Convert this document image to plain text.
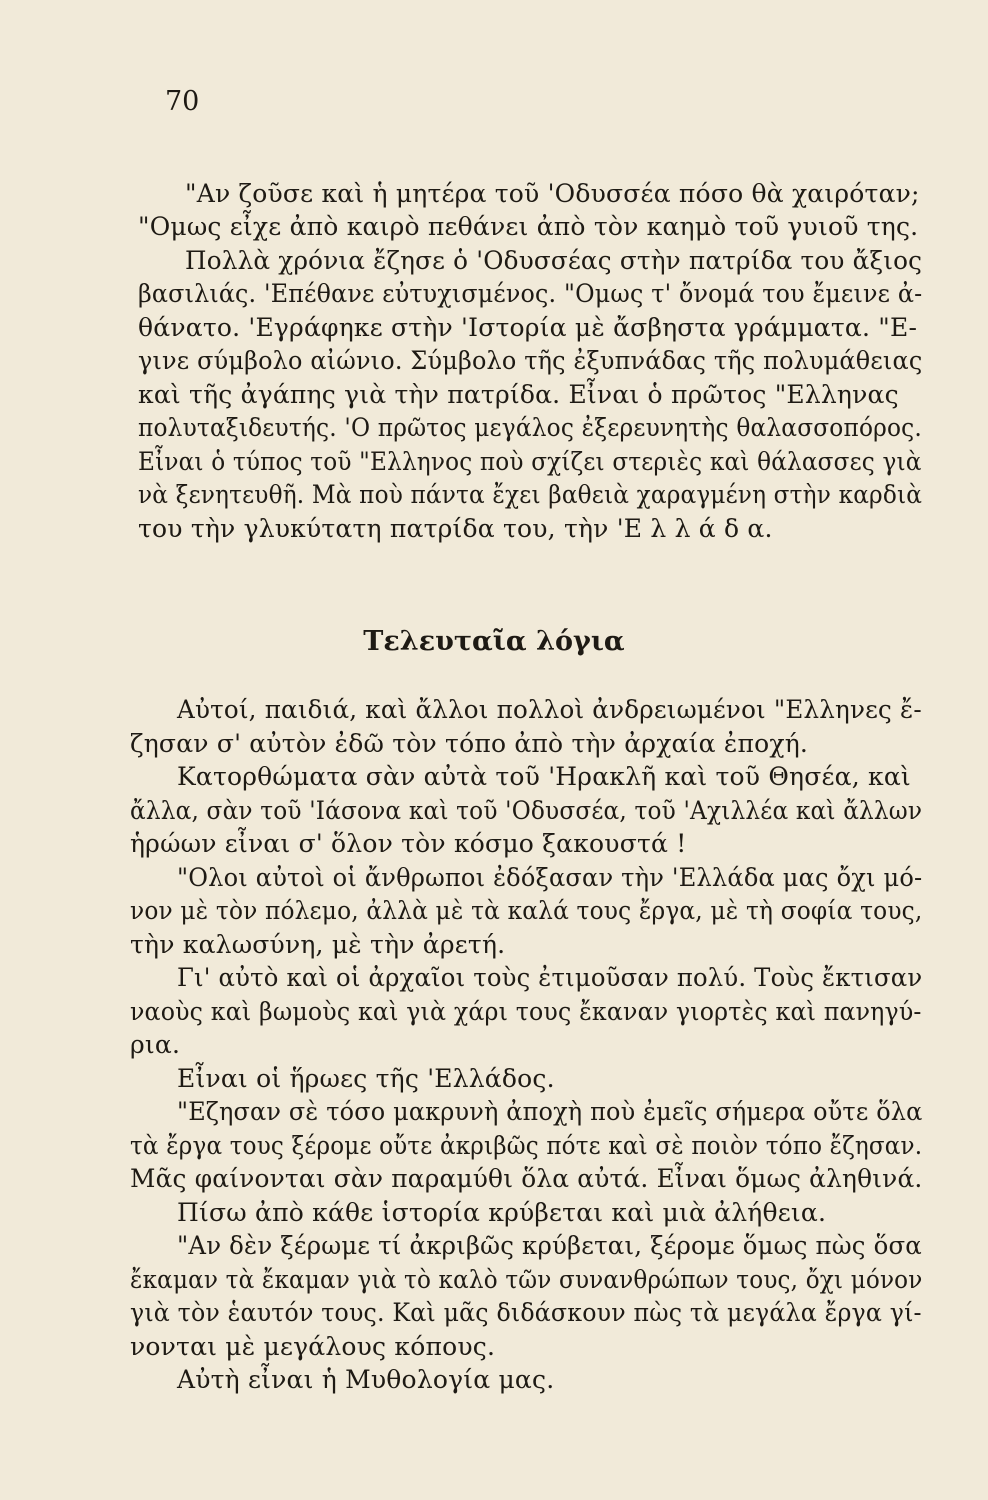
70
"Αν ζοῦσε καὶ ἡ μητέρα τοῦ 'Οδυσσέα πόσο θὰ χαιρόταν;
"Ομως εἶχε ἀπὸ καιρὸ πεθάνει ἀπὸ τὸν καημὸ τοῦ γυιοῦ της.
Πολλὰ χρόνια ἔζησε ὁ 'Οδυσσέας στὴν πατρίδα του ἄξιος
βασιλιάς. 'Επέθανε εὐτυχισμένος. "Ομως τ' ὄνομά του ἔμεινε ἀ-
θάνατο. 'Εγράφηκε στὴν 'Ιστορία μὲ ἄσβηστα γράμματα. "Ε-
γινε σύμβολο αἰώνιο. Σύμβολο τῆς ἐξυπνάδας τῆς πολυμάθειας
καὶ τῆς ἀγάπης γιὰ τὴν πατρίδα. Εἶναι ὁ πρῶτος "Ελληνας
πολυταξιδευτής. 'Ο πρῶτος μεγάλος ἐξερευνητὴς θαλασσοπόρος.
Εἶναι ὁ τύπος τοῦ "Ελληνος ποὺ σχίζει στεριὲς καὶ θάλασσες γιὰ
νὰ ξενητευθῆ. Μὰ ποὺ πάντα ἔχει βαθειὰ χαραγμένη στὴν καρδιὰ
του τὴν γλυκύτατη πατρίδα του, τὴν 'Ε λ λ ά δ α.
Τελευταῖα λόγια
Αὐτοί, παιδιά, καὶ ἄλλοι πολλοὶ ἀνδρειωμένοι "Ελληνες ἔ-
ζησαν σ' αὐτὸν ἐδῶ τὸν τόπο ἀπὸ τὴν ἀρχαία ἐποχή.
Κατορθώματα σὰν αὐτὰ τοῦ 'Ηρακλῆ καὶ τοῦ Θησέα, καὶ
ἄλλα, σὰν τοῦ 'Ιάσονα καὶ τοῦ 'Οδυσσέα, τοῦ 'Αχιλλέα καὶ ἄλλων
ἡρώων εἶναι σ' ὅλον τὸν κόσμο ξακουστά !
"Ολοι αὐτοὶ οἱ ἄνθρωποι ἐδόξασαν τὴν 'Ελλάδα μας ὄχι μό-
νον μὲ τὸν πόλεμο, ἀλλὰ μὲ τὰ καλά τους ἔργα, μὲ τὴ σοφία τους,
τὴν καλωσύνη, μὲ τὴν ἀρετή.
Γι' αὐτὸ καὶ οἱ ἀρχαῖοι τοὺς ἐτιμοῦσαν πολύ. Τοὺς ἔκτισαν
ναοὺς καὶ βωμοὺς καὶ γιὰ χάρι τους ἔκαναν γιορτὲς καὶ πανηγύ-
ρια.
Εἶναι οἱ ἥρωες τῆς 'Ελλάδος.
"Εζησαν σὲ τόσο μακρυνὴ ἀποχὴ ποὺ ἐμεῖς σήμερα οὔτε ὅλα
τὰ ἔργα τους ξέρομε οὔτε ἀκριβῶς πότε καὶ σὲ ποιὸν τόπο ἔζησαν.
Μᾶς φαίνονται σὰν παραμύθι ὅλα αὐτά. Εἶναι ὅμως ἀληθινά.
Πίσω ἀπὸ κάθε ἱστορία κρύβεται καὶ μιὰ ἀλήθεια.
"Αν δὲν ξέρωμε τί ἀκριβῶς κρύβεται, ξέρομε ὅμως πὼς ὅσα
ἔκαμαν τὰ ἔκαμαν γιὰ τὸ καλὸ τῶν συνανθρώπων τους, ὄχι μόνον
γιὰ τὸν ἑαυτόν τους. Καὶ μᾶς διδάσκουν πὼς τὰ μεγάλα ἔργα γί-
νονται μὲ μεγάλους κόπους.
Αὐτὴ εἶναι ἡ Μυθολογία μας.
